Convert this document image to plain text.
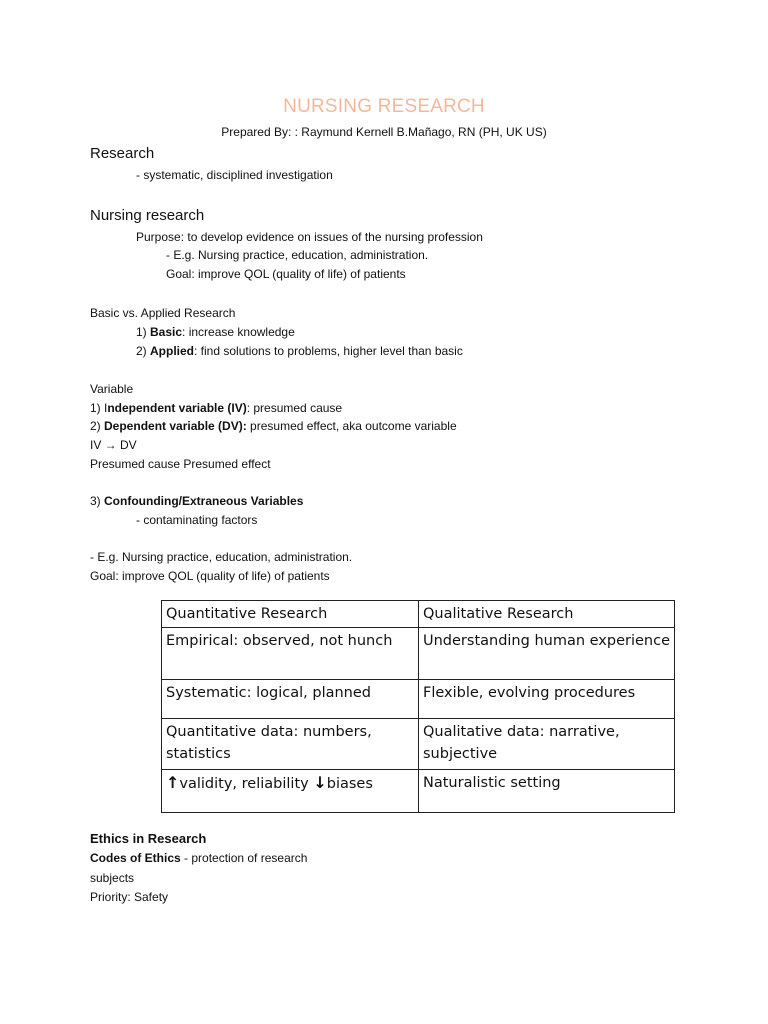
NURSING RESEARCH
Prepared By: : Raymund Kernell B.Mañago, RN (PH, UK US)
Research
- systematic, disciplined investigation
Nursing research
Purpose: to develop evidence on issues of the nursing profession
- E.g. Nursing practice, education, administration.
Goal: improve QOL (quality of life) of patients
Basic vs. Applied Research
1) Basic: increase knowledge
2) Applied: find solutions to problems, higher level than basic
Variable
1) Independent variable (IV): presumed cause
2) Dependent variable (DV): presumed effect, aka outcome variable
IV → DV
Presumed cause Presumed effect
3) Confounding/Extraneous Variables
- contaminating factors
- E.g. Nursing practice, education, administration.
Goal: improve QOL (quality of life) of patients
Quantitative Research	Qualitative Research
Empirical: observed, not hunch	Understanding human experience
Systematic: logical, planned	Flexible, evolving procedures
Quantitative data: numbers, statistics	Qualitative data: narrative, subjective
↑validity, reliability ↓biases	Naturalistic setting
Ethics in Research
Codes of Ethics - protection of research
subjects
Priority: Safety
